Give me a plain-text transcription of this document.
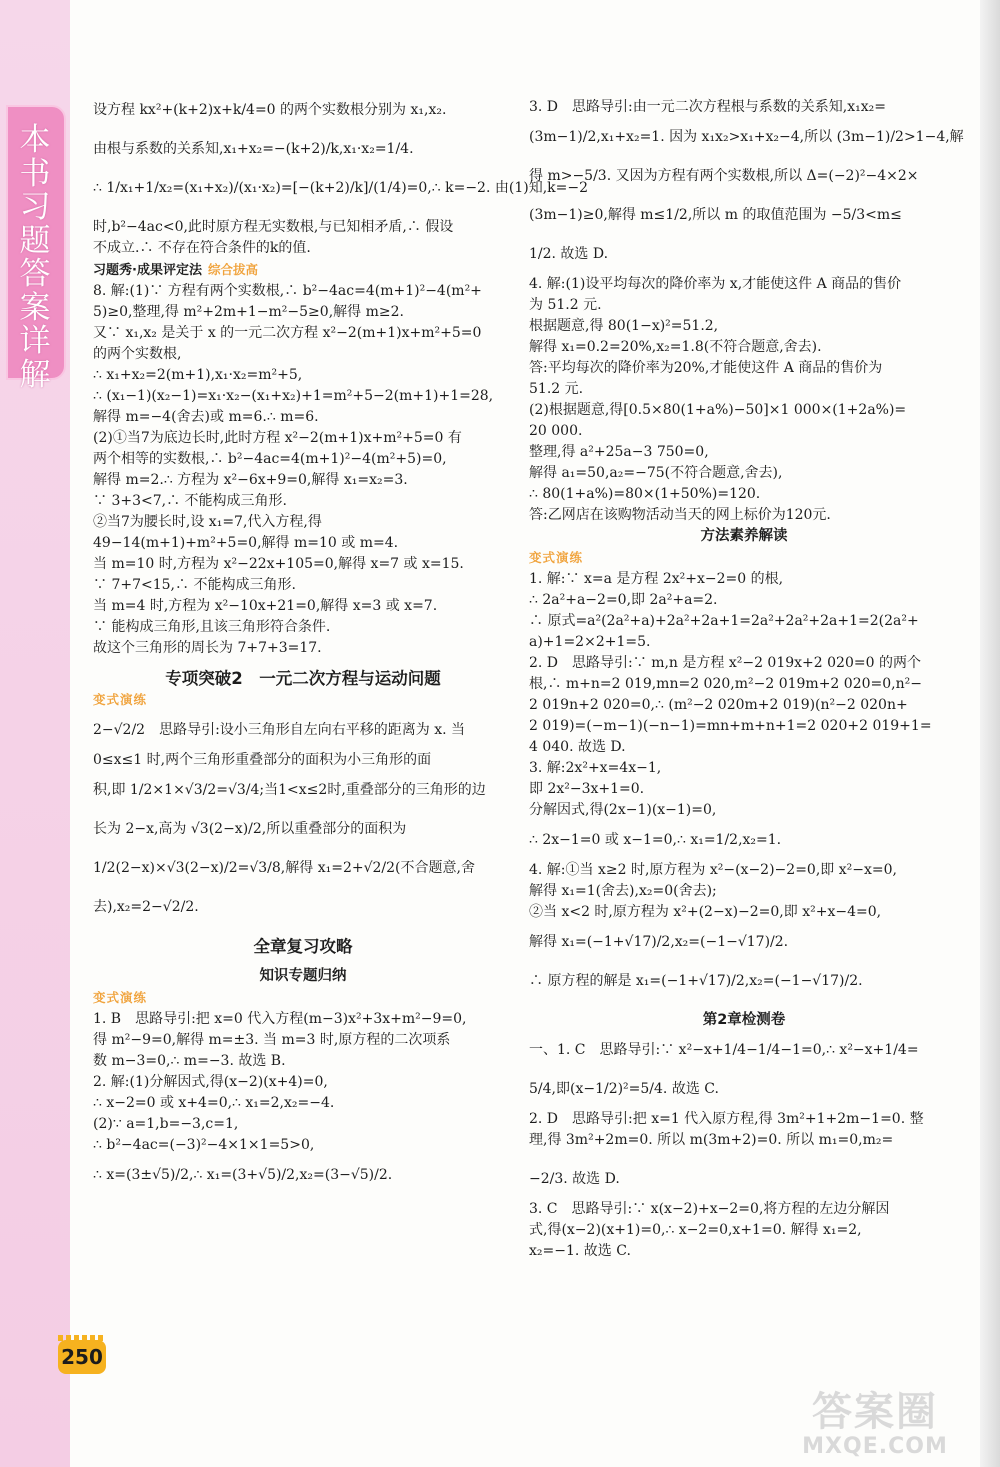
本书习题答案详解
250

设方程 kx²+(k+2)x+k/4=0 的两个实数根分别为 x₁,x₂.

由根与系数的关系知,x₁+x₂=−(k+2)/k,x₁·x₂=1/4.

∴ 1/x₁+1/x₂=(x₁+x₂)/(x₁·x₂)=[−(k+2)/k]/(1/4)=0,∴ k=−2. 由(1)知,k=−2

时,b²−4ac<0,此时原方程无实数根,与已知相矛盾,∴ 假设

不成立.∴ 不存在符合条件的k的值.

习题秀·成果评定法 综合拔高

8. 解:(1)∵ 方程有两个实数根,∴ b²−4ac=4(m+1)²−4(m²+

5)≥0,整理,得 m²+2m+1−m²−5≥0,解得 m≥2.

又∵ x₁,x₂ 是关于 x 的一元二次方程 x²−2(m+1)x+m²+5=0

的两个实数根,

∴ x₁+x₂=2(m+1),x₁·x₂=m²+5,

∴ (x₁−1)(x₂−1)=x₁·x₂−(x₁+x₂)+1=m²+5−2(m+1)+1=28,

解得 m=−4(舍去)或 m=6.∴ m=6.

(2)①当7为底边长时,此时方程 x²−2(m+1)x+m²+5=0 有

两个相等的实数根,∴ b²−4ac=4(m+1)²−4(m²+5)=0,

解得 m=2.∴ 方程为 x²−6x+9=0,解得 x₁=x₂=3.

∵ 3+3<7,∴ 不能构成三角形.

②当7为腰长时,设 x₁=7,代入方程,得

49−14(m+1)+m²+5=0,解得 m=10 或 m=4.

当 m=10 时,方程为 x²−22x+105=0,解得 x=7 或 x=15.

∵ 7+7<15,∴ 不能构成三角形.

当 m=4 时,方程为 x²−10x+21=0,解得 x=3 或 x=7.

∵ 能构成三角形,且该三角形符合条件.

故这个三角形的周长为 7+7+3=17.

专项突破2　一元二次方程与运动问题

变式演练

2−√2/2　思路导引:设小三角形自左向右平移的距离为 x. 当

0≤x≤1 时,两个三角形重叠部分的面积为小三角形的面

积,即 1/2×1×√3/2=√3/4;当1<x≤2时,重叠部分的三角形的边

长为 2−x,高为 √3(2−x)/2,所以重叠部分的面积为

1/2(2−x)×√3(2−x)/2=√3/8,解得 x₁=2+√2/2(不合题意,舍

去),x₂=2−√2/2.

全章复习攻略

知识专题归纳

变式演练

1. B　思路导引:把 x=0 代入方程(m−3)x²+3x+m²−9=0,

得 m²−9=0,解得 m=±3. 当 m=3 时,原方程的二次项系

数 m−3=0,∴ m=−3. 故选 B.

2. 解:(1)分解因式,得(x−2)(x+4)=0,

∴ x−2=0 或 x+4=0,∴ x₁=2,x₂=−4.

(2)∵ a=1,b=−3,c=1,

∴ b²−4ac=(−3)²−4×1×1=5>0,

∴ x=(3±√5)/2,∴ x₁=(3+√5)/2,x₂=(3−√5)/2.

3. D　思路导引:由一元二次方程根与系数的关系知,x₁x₂=

(3m−1)/2,x₁+x₂=1. 因为 x₁x₂>x₁+x₂−4,所以 (3m−1)/2>1−4,解

得 m>−5/3. 又因为方程有两个实数根,所以 Δ=(−2)²−4×2×

(3m−1)≥0,解得 m≤1/2,所以 m 的取值范围为 −5/3<m≤

1/2. 故选 D.

4. 解:(1)设平均每次的降价率为 x,才能使这件 A 商品的售价

为 51.2 元.

根据题意,得 80(1−x)²=51.2,

解得 x₁=0.2=20%,x₂=1.8(不符合题意,舍去).

答:平均每次的降价率为20%,才能使这件 A 商品的售价为

51.2 元.

(2)根据题意,得[0.5×80(1+a%)−50]×1 000×(1+2a%)=

20 000.

整理,得 a²+25a−3 750=0,

解得 a₁=50,a₂=−75(不符合题意,舍去),

∴ 80(1+a%)=80×(1+50%)=120.

答:乙网店在该购物活动当天的网上标价为120元.

方法素养解读

变式演练

1. 解:∵ x=a 是方程 2x²+x−2=0 的根,

∴ 2a²+a−2=0,即 2a²+a=2.

∴ 原式=a²(2a²+a)+2a²+2a+1=2a²+2a²+2a+1=2(2a²+

a)+1=2×2+1=5.

2. D　思路导引:∵ m,n 是方程 x²−2 019x+2 020=0 的两个

根,∴ m+n=2 019,mn=2 020,m²−2 019m+2 020=0,n²−

2 019n+2 020=0,∴ (m²−2 020m+2 019)(n²−2 020n+

2 019)=(−m−1)(−n−1)=mn+m+n+1=2 020+2 019+1=

4 040. 故选 D.

3. 解:2x²+x=4x−1,

即 2x²−3x+1=0.

分解因式,得(2x−1)(x−1)=0,

∴ 2x−1=0 或 x−1=0,∴ x₁=1/2,x₂=1.

4. 解:①当 x≥2 时,原方程为 x²−(x−2)−2=0,即 x²−x=0,

解得 x₁=1(舍去),x₂=0(舍去);

②当 x<2 时,原方程为 x²+(2−x)−2=0,即 x²+x−4=0,

解得 x₁=(−1+√17)/2,x₂=(−1−√17)/2.

∴ 原方程的解是 x₁=(−1+√17)/2,x₂=(−1−√17)/2.

第2章检测卷

一、1. C　思路导引:∵ x²−x+1/4−1/4−1=0,∴ x²−x+1/4=

5/4,即(x−1/2)²=5/4. 故选 C.

2. D　思路导引:把 x=1 代入原方程,得 3m²+1+2m−1=0. 整

理,得 3m²+2m=0. 所以 m(3m+2)=0. 所以 m₁=0,m₂=

−2/3. 故选 D.

3. C　思路导引:∵ x(x−2)+x−2=0,将方程的左边分解因

式,得(x−2)(x+1)=0,∴ x−2=0,x+1=0. 解得 x₁=2,

x₂=−1. 故选 C.

答案圈
MXQE.COM
